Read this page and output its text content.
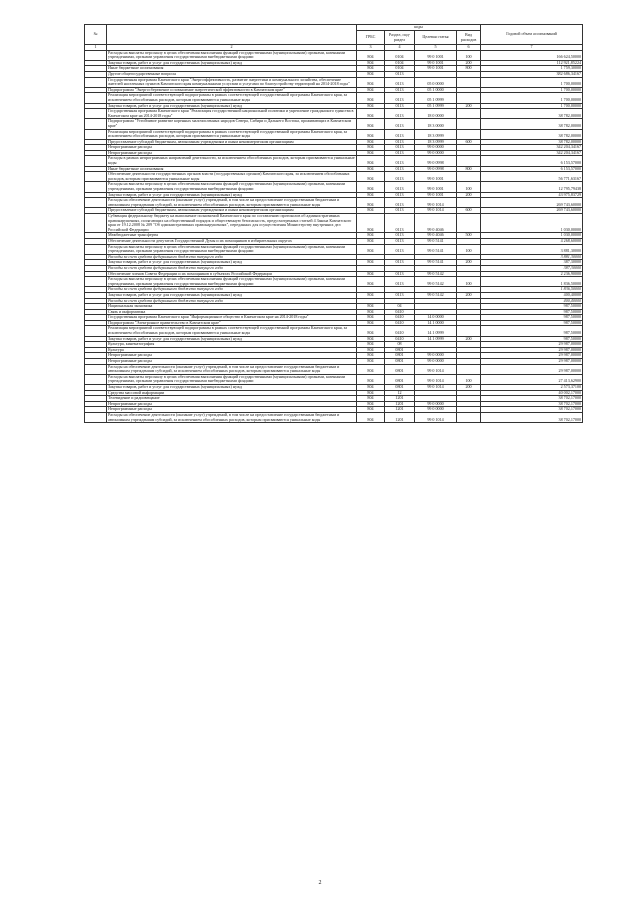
№		коды				Годовой объем ассигнований
		ГРБС	Раздел, под-раздел	Целевая статья	Вид расходов	
1	2	3	4	5	6	7
	Расходы на выплаты персоналу в целях обеспечения выполнения функций государственными (муниципальными) органами, казенными учреждениями, органами управления государственными внебюджетными фондами	804	0104	99 0 1001	100	166 624,50000
	Закупка товаров, работ и услуг для государственных (муниципальных) нужд	804	0104	99 0 1001	200	112 921,85224
	Иные бюджетные ассигнования	804	0104	99 0 1001	800	1 759,30000
	Другие общегосударственные вопросы	804	0113			382 686,34167
	Государственная программа Камчатского края "Энергоэффективность, развитие энергетики и коммунального хозяйства, обеспечение жителей населенных пунктов Камчатского края коммунальными услугами и услугами по благоустройству территорий на 2014-2018 годы"	804	0113	05 0 0000		1 700,00000
	Подпрограмма "Энергосбережение и повышение энергетической эффективности в Камчатском крае"	804	0113	05 1 0000		1 700,00000
	Реализация мероприятий соответствующей подпрограммы в рамках соответствующей государственной программы Камчатского края, за исключением обособленных расходов, которым присваиваются уникальные коды	804	0113	05 1 0999		1 700,00000
	Закупка товаров, работ и услуг для государственных (муниципальных) нужд	804	0113	05 1 0999	200	1 700,00000
	Государственная программа Камчатского края "Реализация государственной национальной политики и укрепление гражданского единства в Камчатском крае на 2014-2018 годы"	804	0113	18 0 0000		38 782,00000
	Подпрограмма "Устойчивое развитие коренных малочисленных народов Севера, Сибири и Дальнего Востока, проживающих в Камчатском крае"	804	0113	18 3 0000		38 782,00000
	Реализация мероприятий соответствующей подпрограммы в рамках соответствующей государственной программы Камчатского края, за исключением обособленных расходов, которым присваиваются уникальные коды	804	0113	18 3 0999		38 782,00000
	Предоставление субсидий бюджетным, автономным учреждениям и иным некоммерческим организациям	804	0113	18 3 0999	600	38 782,00000
	Непрограммные расходы	804	0113	99 0 0000		342 204,34167
	Непрограммные расходы	804	0113	99 0 0000		342 204,34167
	Расходы в рамках непрограммных направлений деятельности, за исключением обособленных расходов, которым присваиваются уникальные коды	804	0113	99 0 0998		6 153,57000
	Иные бюджетные ассигнования	804	0113	99 0 0998	800	6 153,57000
	Обеспечение деятельности государственных органов власти (государственных органов) Камчатского края, за исключением обособленных расходов, которым присваиваются уникальные коды	804	0113	99 0 1001		56 771,63167
	Расходы на выплаты персоналу в целях обеспечения выполнения функций государственными (муниципальными) органами, казенными учреждениями, органами управления государственными внебюджетными фондами	804	0113	99 0 1001	100	12 795,79438
	Закупка товаров, работ и услуг для государственных (муниципальных) нужд	804	0113	99 0 1001	200	43 975,83729
	Расходы на обеспечение деятельности (оказание услуг) учреждений, в том числе на предоставление государственным бюджетным и автономным учреждениям субсидий, за исключением обособленных расходов, которым присваиваются уникальные коды	804	0113	99 0 1014		269 743,60000
	Предоставление субсидий бюджетным, автономным учреждениям и иным некоммерческим организациям	804	0113	99 0 1014	600	269 743,60000
	Субвенция федеральному бюджету на выполнение полномочий Камчатского края по составлению протоколов об административных правонарушениях, посягающих на общественный порядок и общественную безопасность, предусмотренных статьей 4 Закона Камчатского края от 19.12.2008 № 209 "Об административных правонарушениях", переданных для осуществления Министерству внутренних дел Российской Федерации	804	0113	99 0 4046		1 030,00000
	Межбюджетные трансферты	804	0113	99 0 4046	500	1 030,00000
	Обеспечение деятельности депутатов Государственной Думы и их помощников в избирательных округах	804	0113	99 0 5141		4 268,60000
	Расходы на выплаты персоналу в целях обеспечения выполнения функций государственными (муниципальными) органами, казенными учреждениями, органами управления государственными внебюджетными фондами	804	0113	99 0 5141	100	3 881,30000
	Расходы за счет средств федерального бюджета текущего года					3 881,30000
	Закупка товаров, работ и услуг для государственных (муниципальных) нужд	804	0113	99 0 5141	200	387,30000
	Расходы за счет средств федерального бюджета текущего года					387,30000
	Обеспечение членов Совета Федерации и их помощников в субъектах Российской Федерации	804	0113	99 0 5142		2 236,90000
	Расходы на выплаты персоналу в целях обеспечения выполнения функций государственными (муниципальными) органами, казенными учреждениями, органами управления государственными внебюджетными фондами	804	0113	99 0 5142	100	1 836,50000
	Расходы за счет средств федерального бюджета текущего года					1 836,50000
	Закупка товаров, работ и услуг для государственных (муниципальных) нужд	804	0113	99 0 5142	200	400,40000
	Расходы за счет средств федерального бюджета текущего года					400,40000
	Национальная экономика	804	04			987,50000
	Связь и информатика	804	0410			987,50000
	Государственная программа Камчатского края "Информационное общество в Камчатском крае на 2014-2018 годы"	804	0410	14 0 0000		987,50000
	Подпрограмма "Электронное правительство в Камчатском крае"	804	0410	14 1 0000		987,50000
	Реализация мероприятий соответствующей подпрограммы в рамках соответствующей государственной программы Камчатского края, за исключением обособленных расходов, которым присваиваются уникальные коды	804	0410	14 1 0999		987,50000
	Закупка товаров, работ и услуг для государственных (муниципальных) нужд	804	0410	14 1 0999	200	987,50000
	Культура, кинематография	804	08			29 987,00000
	Культура	804	0801			29 987,00000
	Непрограммные расходы	804	0801	99 0 0000		29 987,00000
	Непрограммные расходы	804	0801	99 0 0000		29 987,00000
	Расходы на обеспечение деятельности (оказание услуг) учреждений, в том числе на предоставление государственным бюджетным и автономным учреждениям субсидий, за исключением обособленных расходов, которым присваиваются уникальные коды	804	0801	99 0 1014		29 987,00000
	Расходы на выплаты персоналу в целях обеспечения выполнения функций государственными (муниципальными) органами, казенными учреждениями, органами управления государственными внебюджетными фондами	804	0801	99 0 1014	100	27 413,62900
	Закупка товаров, работ и услуг для государственных (муниципальных) нужд	804	0801	99 0 1014	200	2 573,37100
	Средства массовой информации	804	12			40 002,17000
	Телевидение и радиовещание	804	1201			38 702,17000
	Непрограммные расходы	804	1201	99 0 0000		38 702,17000
	Непрограммные расходы	804	1201	99 0 0000		38 702,17000
	Расходы на обеспечение деятельности (оказание услуг) учреждений, в том числе на предоставление государственным бюджетным и автономным учреждениям субсидий, за исключением обособленных расходов, которым присваиваются уникальные коды	804	1201	99 0 1014		38 702,17000
2
